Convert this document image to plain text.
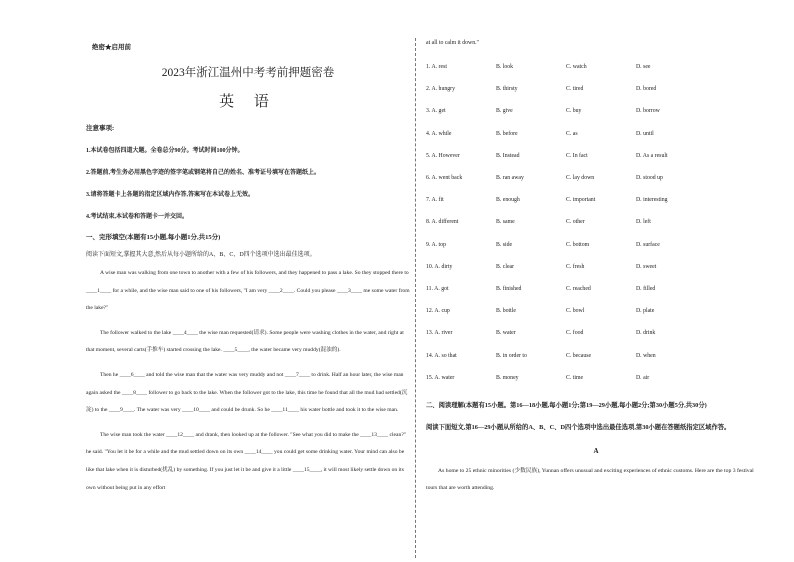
绝密★启用前
2023年浙江温州中考考前押题密卷
英 语
注意事项:
1.本试卷包括四道大题。全卷总分90分。考试时间100分钟。
2.答题前,考生务必用黑色字迹的签字笔或钢笔将自己的姓名、准考证号填写在答题纸上。
3.请将答题卡上各题的指定区域内作答,答案写在本试卷上无效。
4.考试结束,本试卷和答题卡一并交回。
一、完形填空(本题有15小题,每小题1分,共15分)
阅读下面短文,掌握其大意,然后从每小题所给的A、B、C、D四个选项中选出最佳选项。
A wise man was walking from one town to another with a few of his followers, and they happened to pass a lake. So they stopped there to ____1____ for a while, and the wise man said to one of his followers, "I am very ____2____. Could you please ____3____ me some water from the lake?"
The follower walked to the lake ____4____ the wise man requested(请求). Some people were washing clothes in the water, and right at that moment, several carts(手推车) started crossing the lake. ____5____, the water became very muddy(混浊的).
Then he ____6____ and told the wise man that the water was very muddy and not ____7____ to drink. Half an hour later, the wise man again asked the ____8____ follower to go back to the lake. When the follower got to the lake, this time he found that all the mud had settled(沉淀) to the ____9____. The water was very ____10____ and could be drunk. So he ____11____ his water bottle and took it to the wise man.
The wise man took the water ____12____ and drank, then looked up at the follower. "See what you did to make the ____13____ clean?" he said. "You let it be for a while and the mud settled down on its own ____14____ you could get some drinking water. Your mind can also be like that lake when it is disturbed(扰乱) by something. If you just let it be and give it a little ____15____, it will most likely settle down on its own without being put in any effort
at all to calm it down."
1. A. rest	B. look	C. watch	D. see
2. A. hungry	B. thirsty	C. tired	D. bored
3. A. get	B. give	C. buy	D. borrow
4. A. while	B. before	C. as	D. until
5. A. However	B. Instead	C. In fact	D. As a result
6. A. went back	B. ran away	C. lay down	D. stood up
7. A. fit	B. enough	C. important	D. interesting
8. A. different	B. same	C. other	D. left
9. A. top	B. side	C. bottom	D. surface
10. A. dirty	B. clear	C. fresh	D. sweet
11. A. got	B. finished	C. reached	D. filled
12. A. cup	B. bottle	C. bowl	D. plate
13. A. river	B. water	C. food	D. drink
14. A. so that	B. in order to	C. because	D. when
15. A. water	B. money	C. time	D. air
二、阅读理解(本题有15小题。第16—18小题,每小题1分;第19—29小题,每小题2分;第30小题5分,共30分)
阅读下面短文,第16—29小题从所给的A、B、C、D四个选项中选出最佳选项,第30小题在答题纸指定区域作答。
A
As home to 25 ethnic minorities (少数民族), Yunnan offers unusual and exciting experiences of ethnic customs. Here are the top 3 festival tours that are worth attending.
